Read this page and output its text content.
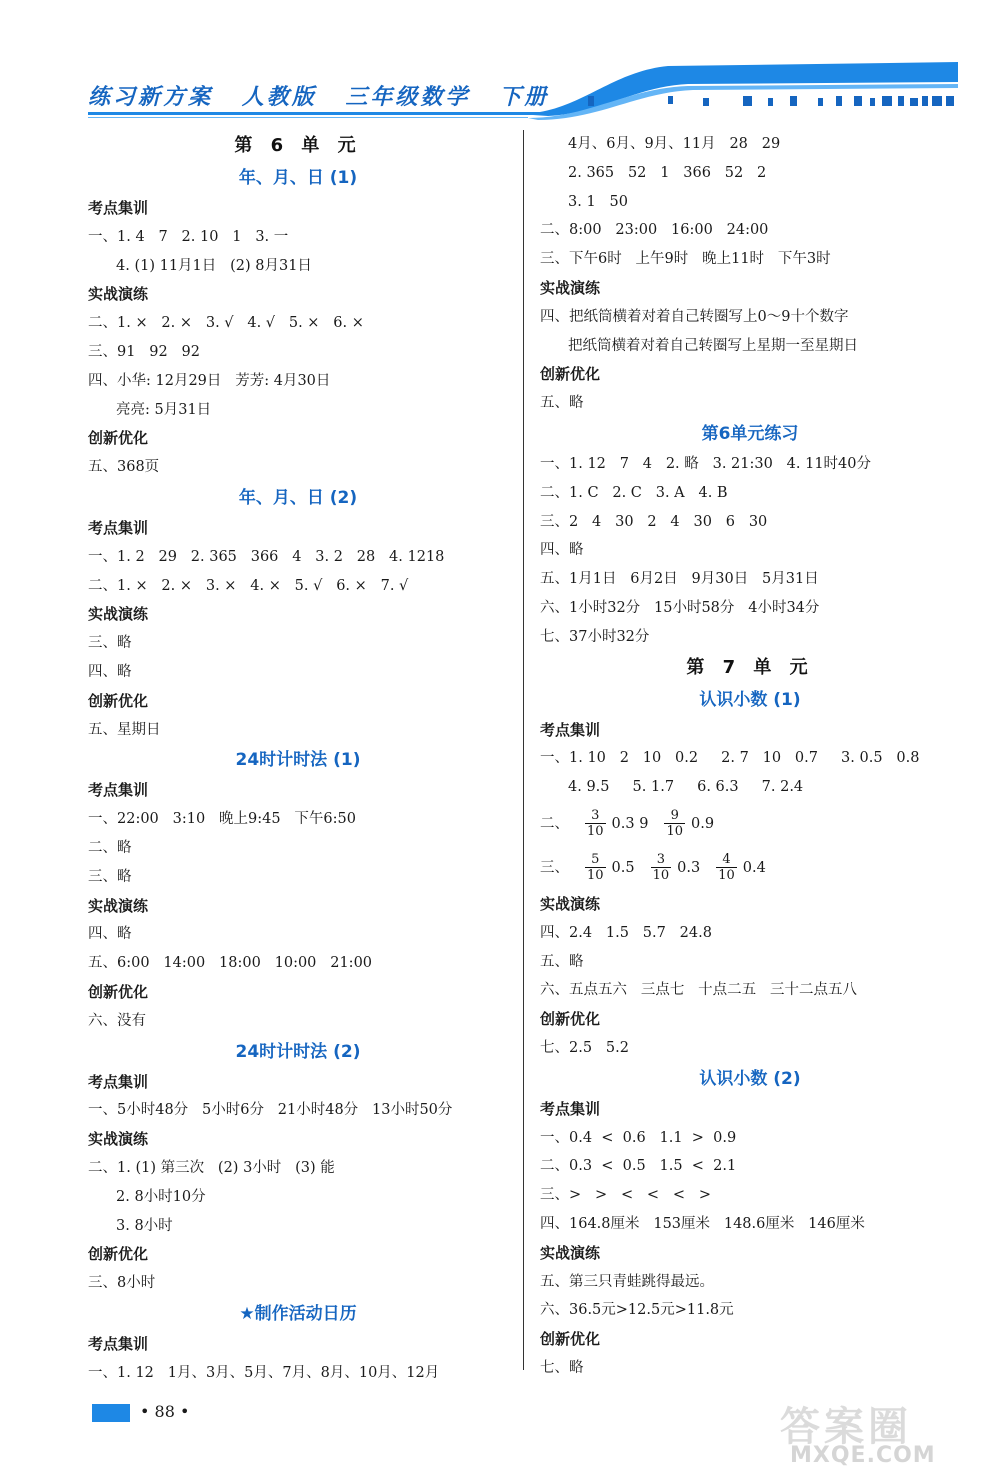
练习新方案 人教版 三年级数学 下册
第 6 单 元
年、月、日 (1)
考点集训
一、1. 4   7   2. 10   1   3. 一
4. (1) 11月1日   (2) 8月31日
实战演练
二、1. ×   2. ×   3. √   4. √   5. ×   6. ×
三、91   92   92
四、小华: 12月29日   芳芳: 4月30日
亮亮: 5月31日
创新优化
五、368页
年、月、日 (2)
考点集训
一、1. 2   29   2. 365   366   4   3. 2   28   4. 1218
二、1. ×   2. ×   3. ×   4. ×   5. √   6. ×   7. √
实战演练
三、略
四、略
创新优化
五、星期日
24时计时法 (1)
考点集训
一、22:00   3:10   晚上9:45   下午6:50
二、略
三、略
实战演练
四、略
五、6:00   14:00   18:00   10:00   21:00
创新优化
六、没有
24时计时法 (2)
考点集训
一、5小时48分   5小时6分   21小时48分   13小时50分
实战演练
二、1. (1) 第三次   (2) 3小时   (3) 能
2. 8小时10分
3. 8小时
创新优化
三、8小时
★制作活动日历
考点集训
一、1. 12   1月、3月、5月、7月、8月、10月、12月
4月、6月、9月、11月   28   29
2. 365   52   1   366   52   2
3. 1   50
二、8:00   23:00   16:00   24:00
三、下午6时   上午9时   晚上11时   下午3时
实战演练
四、把纸筒横着对着自己转圈写上0～9十个数字
把纸筒横着对着自己转圈写上星期一至星期日
创新优化
五、略
第6单元练习
一、1. 12   7   4   2. 略   3. 21:30   4. 11时40分
二、1. C   2. C   3. A   4. B
三、2   4   30   2   4   30   6   30
四、略
五、1月1日   6月2日   9月30日   5月31日
六、1小时32分   15小时58分   4小时34分
七、37小时32分
第 7 单 元
认识小数 (1)
考点集训
一、1. 10   2   10   0.2     2. 7   10   0.7     3. 0.5   0.8
4. 9.5     5. 1.7     6. 6.3     7. 2.4
二、 $\frac{3}{10} 0.3$ $9 \frac{9}{10} 0.9$
三、 $\frac{5}{10} 0.5 \frac{3}{10} 0.3 \frac{4}{10} 0.4$
实战演练
四、2.4   1.5   5.7   24.8
五、略
六、五点五六   三点七   十点二五   三十二点五八
创新优化
七、2.5   5.2
认识小数 (2)
考点集训
一、0.4  <  0.6   1.1  >  0.9
二、0.3  <  0.5   1.5  <  2.1
三、>   >   <   <   <   >
四、164.8厘米   153厘米   148.6厘米   146厘米
实战演练
五、第三只青蛙跳得最远。
六、36.5元>12.5元>11.8元
创新优化
七、略
• 88 •	答案圈
MXQE.COM
